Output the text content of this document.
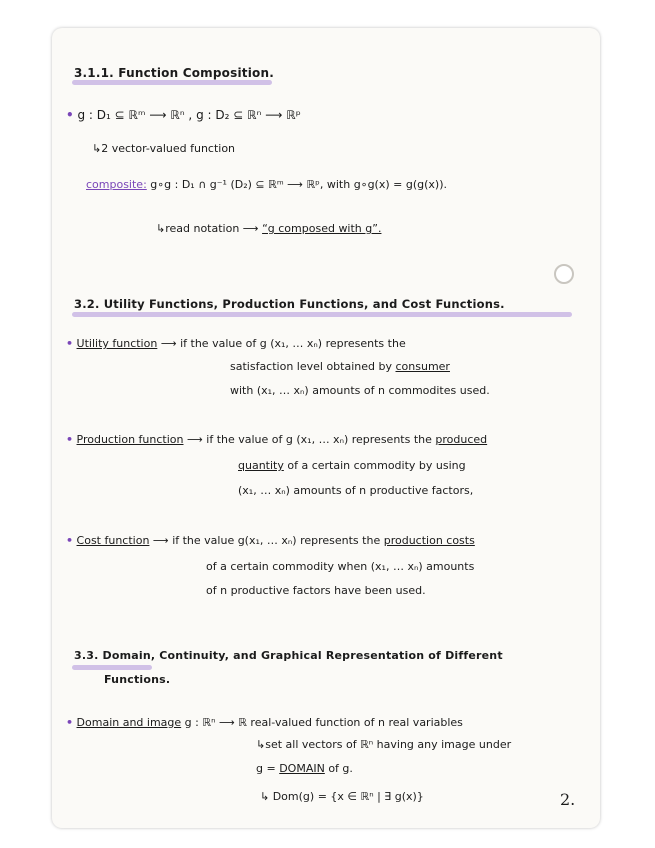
3.1.1. Function Composition.
• g : D₁ ⊆ ℝᵐ ⟶ ℝⁿ , g : D₂ ⊆ ℝⁿ ⟶ ℝᵖ
↳2 vector-valued function
composite: g∘g : D₁ ∩ g⁻¹ (D₂) ⊆ ℝᵐ ⟶ ℝᵖ, with g∘g(x) = g(g(x)).
↳read notation ⟶ “g composed with g”.
3.2. Utility Functions, Production Functions, and Cost Functions.
• Utility function ⟶ if the value of g (x₁, … xₙ) represents the
satisfaction level obtained by consumer
with (x₁, … xₙ) amounts of n commodites used.
• Production function ⟶ if the value of g (x₁, … xₙ) represents the produced
quantity of a certain commodity by using
(x₁, … xₙ) amounts of n productive factors,
• Cost function ⟶ if the value g(x₁, … xₙ) represents the production costs
of a certain commodity when (x₁, … xₙ) amounts
of n productive factors have been used.
3.3. Domain, Continuity, and Graphical Representation of Different
Functions.
• Domain and image g : ℝⁿ ⟶ ℝ real-valued function of n real variables
↳set all vectors of ℝⁿ having any image under
g = DOMAIN of g.
↳ Dom(g) = {x ∈ ℝⁿ | ∃ g(x)}	2.
